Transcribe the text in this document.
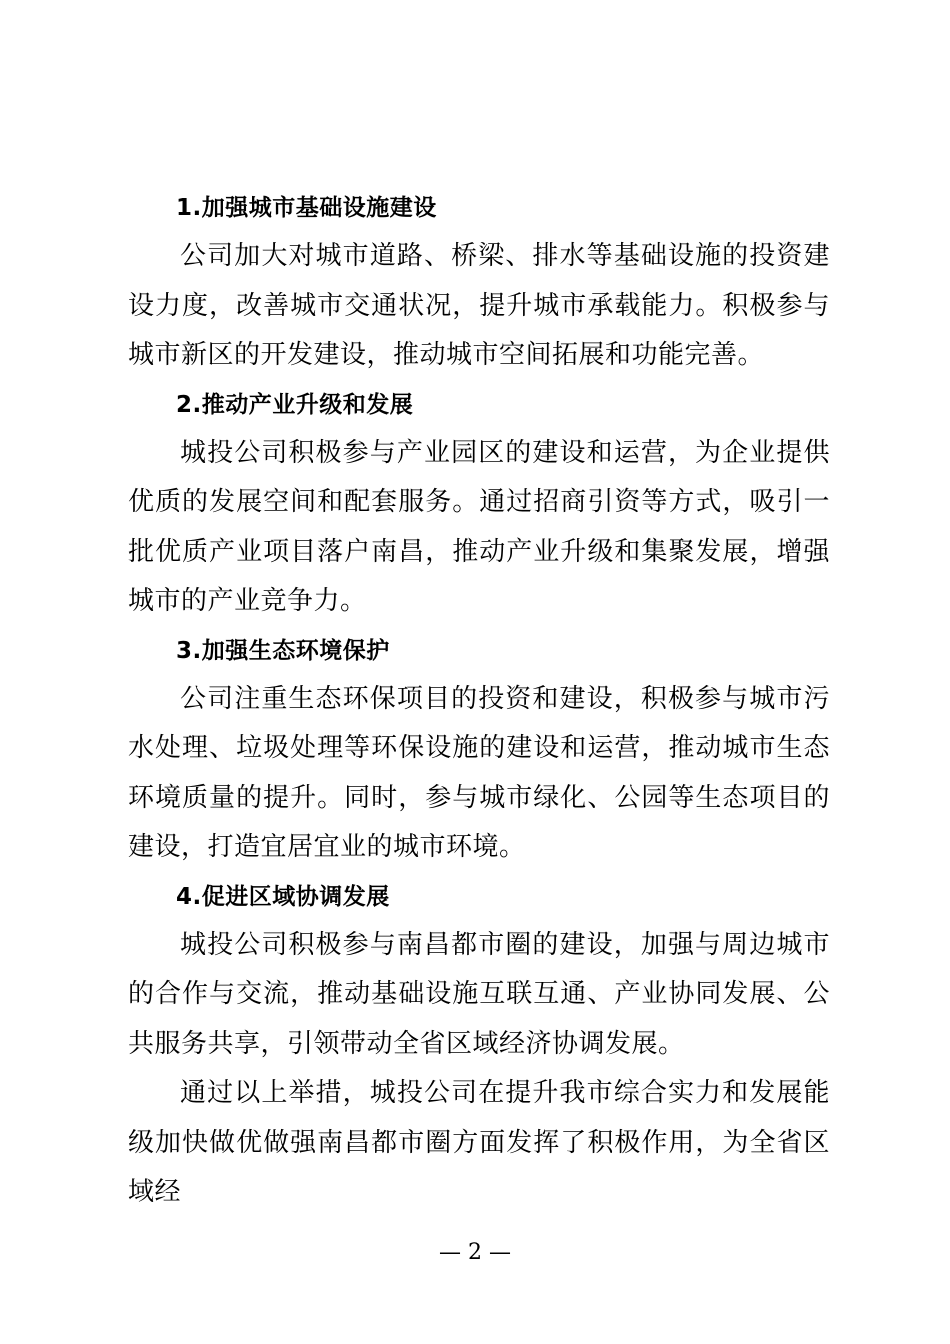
1.加强城市基础设施建设

公司加大对城市道路、桥梁、排水等基础设施的投资建设力度，改善城市交通状况，提升城市承载能力。积极参与城市新区的开发建设，推动城市空间拓展和功能完善。

2.推动产业升级和发展

城投公司积极参与产业园区的建设和运营，为企业提供优质的发展空间和配套服务。通过招商引资等方式，吸引一批优质产业项目落户南昌，推动产业升级和集聚发展，增强城市的产业竞争力。

3.加强生态环境保护

公司注重生态环保项目的投资和建设，积极参与城市污水处理、垃圾处理等环保设施的建设和运营，推动城市生态环境质量的提升。同时，参与城市绿化、公园等生态项目的建设，打造宜居宜业的城市环境。

4.促进区域协调发展

城投公司积极参与南昌都市圈的建设，加强与周边城市的合作与交流，推动基础设施互联互通、产业协同发展、公共服务共享，引领带动全省区域经济协调发展。

通过以上举措，城投公司在提升我市综合实力和发展能级加快做优做强南昌都市圈方面发挥了积极作用，为全省区域经

— 2 —
